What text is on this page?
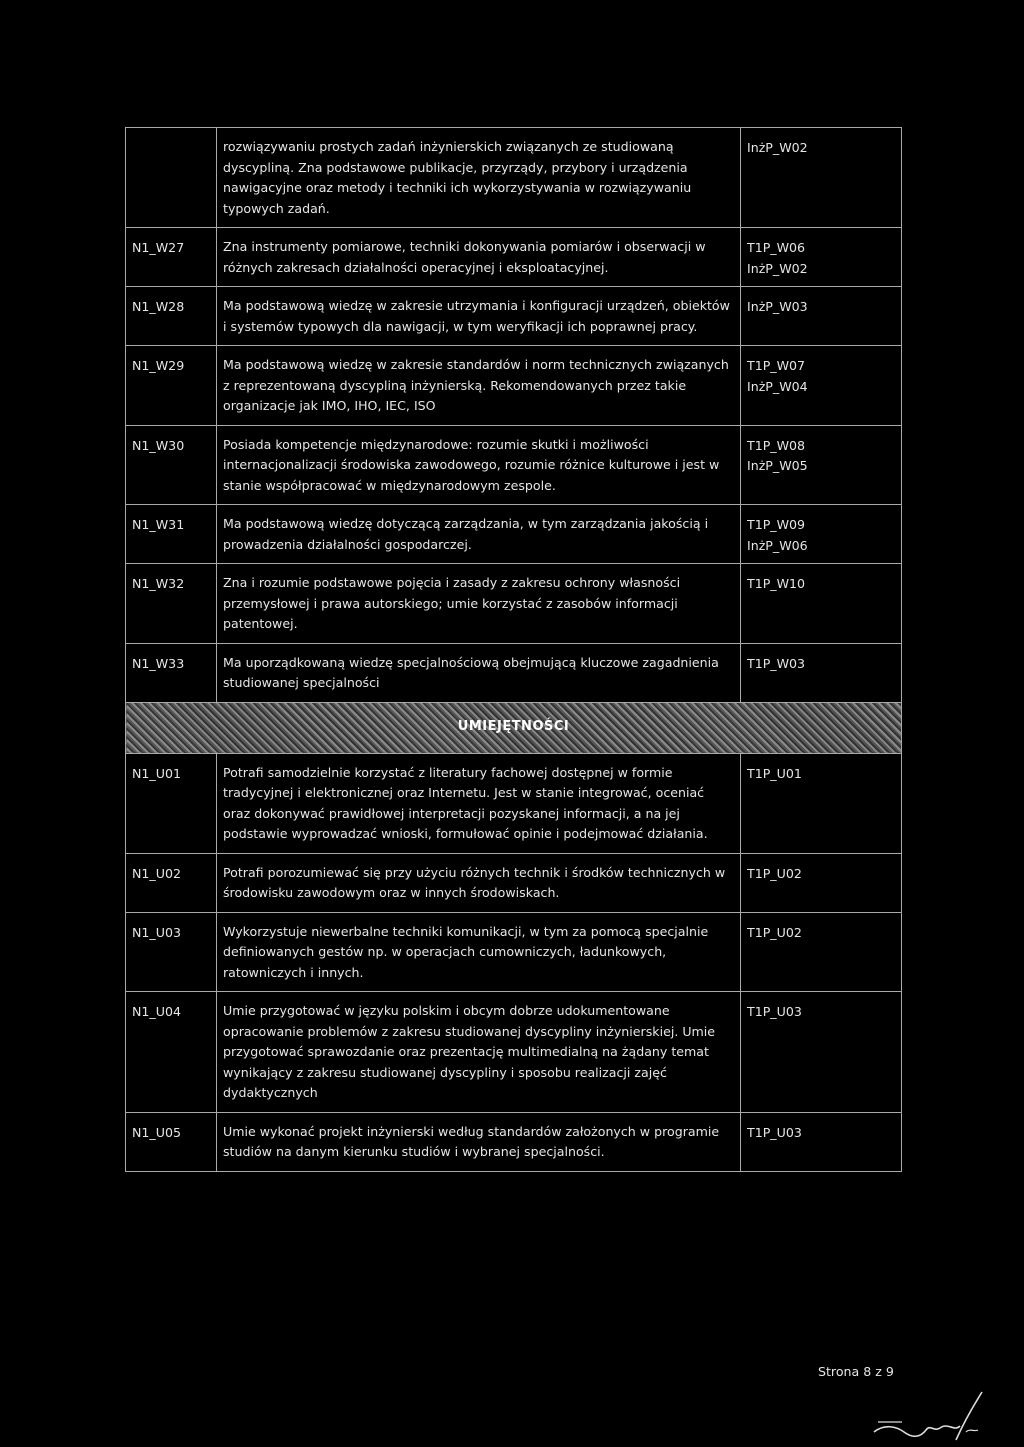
	rozwiązywaniu prostych zadań inżynierskich związanych ze studiowaną dyscypliną. Zna podstawowe publikacje, przyrządy, przybory i urządzenia nawigacyjne oraz metody i techniki ich wykorzystywania w rozwiązywaniu typowych zadań.	InżP_W02
N1_W27	Zna instrumenty pomiarowe, techniki dokonywania pomiarów i obserwacji w różnych zakresach działalności operacyjnej i eksploatacyjnej.	T1P_W06
InżP_W02

N1_W28	Ma podstawową wiedzę w zakresie utrzymania i konfiguracji urządzeń, obiektów i systemów typowych dla nawigacji, w tym weryfikacji ich poprawnej pracy.	InżP_W03

N1_W29	Ma podstawową wiedzę w zakresie standardów i norm technicznych związanych z reprezentowaną dyscypliną inżynierską. Rekomendowanych przez takie organizacje jak IMO, IHO, IEC, ISO	T1P_W07
InżP_W04

N1_W30	Posiada kompetencje międzynarodowe: rozumie skutki i możliwości internacjonalizacji środowiska zawodowego, rozumie różnice kulturowe i jest w stanie współpracować w międzynarodowym zespole.	T1P_W08
InżP_W05

N1_W31	Ma podstawową wiedzę dotyczącą zarządzania, w tym zarządzania jakością i prowadzenia działalności gospodarczej.	T1P_W09
InżP_W06

N1_W32	Zna i rozumie podstawowe pojęcia i zasady z zakresu ochrony własności przemysłowej i prawa autorskiego; umie korzystać z zasobów informacji patentowej.	T1P_W10

N1_W33	Ma uporządkowaną wiedzę specjalnościową obejmującą kluczowe zagadnienia studiowanej specjalności	T1P_W03

UMIEJĘTNOŚCI		
N1_U01	Potrafi samodzielnie korzystać z literatury fachowej dostępnej w formie tradycyjnej i elektronicznej oraz Internetu. Jest w stanie integrować, oceniać oraz dokonywać prawidłowej interpretacji pozyskanej informacji, a na jej podstawie wyprowadzać wnioski, formułować opinie i podejmować działania.	T1P_U01

N1_U02	Potrafi porozumiewać się przy użyciu różnych technik i środków technicznych w środowisku zawodowym oraz w innych środowiskach.	T1P_U02

N1_U03	Wykorzystuje niewerbalne techniki komunikacji, w tym za pomocą specjalnie definiowanych gestów np. w operacjach cumowniczych, ładunkowych, ratowniczych i innych.	T1P_U02

N1_U04	Umie przygotować w języku polskim i obcym dobrze udokumentowane opracowanie problemów z zakresu studiowanej dyscypliny inżynierskiej. Umie przygotować sprawozdanie oraz prezentację multimedialną na żądany temat wynikający z zakresu studiowanej dyscypliny i sposobu realizacji zajęć dydaktycznych	T1P_U03

N1_U05	Umie wykonać projekt inżynierski według standardów założonych w programie studiów na danym kierunku studiów i wybranej specjalności.	T1P_U03
Strona 8 z 9
